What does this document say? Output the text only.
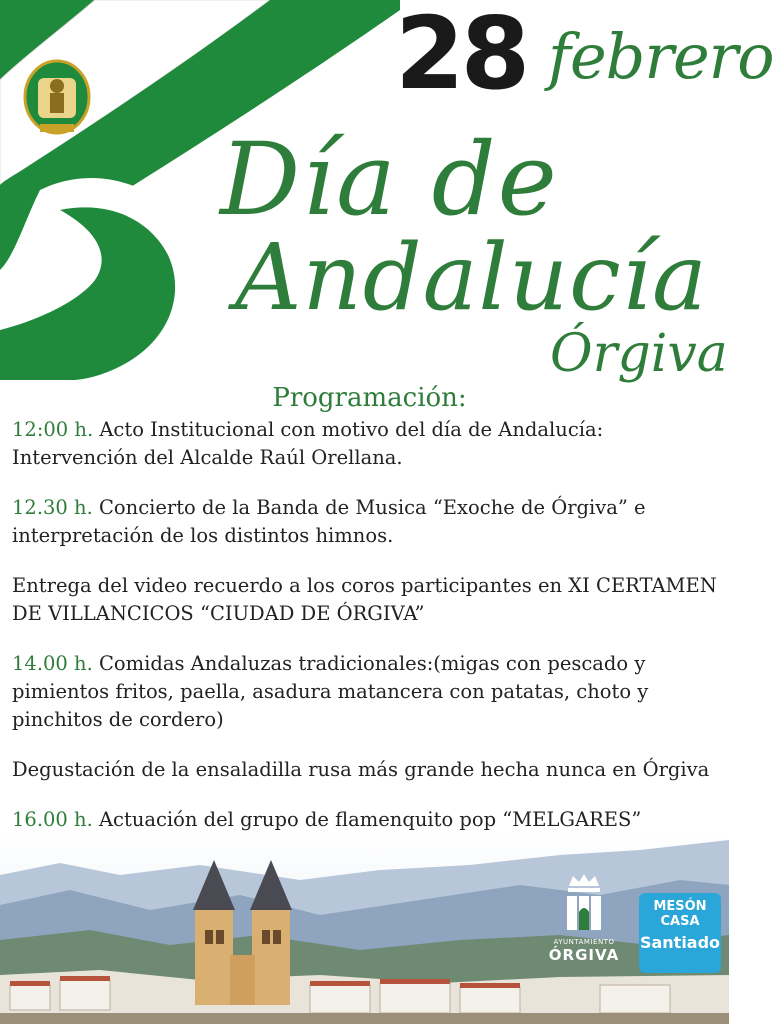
28 febrero
Día de
Andalucía
Órgiva
Programación:
12:00 h. Acto Institucional con motivo del día de Andalucía: Intervención del Alcalde Raúl Orellana.
12.30 h. Concierto de la Banda de Musica “Exoche de Órgiva” e interpretación de los distintos himnos.
Entrega del video recuerdo a los coros participantes en XI CERTAMEN DE VILLANCICOS “CIUDAD DE ÓRGIVA”
14.00 h. Comidas Andaluzas tradicionales:(migas con pescado y pimientos fritos, paella, asadura matancera con patatas, choto y pinchitos de cordero)
Degustación de la ensaladilla rusa más grande hecha nunca en Órgiva
16.00 h. Actuación del grupo de flamenquito pop “MELGARES”
AYUNTAMIENTO
ÓRGIVA
MESÓN
CASA
Santiado
